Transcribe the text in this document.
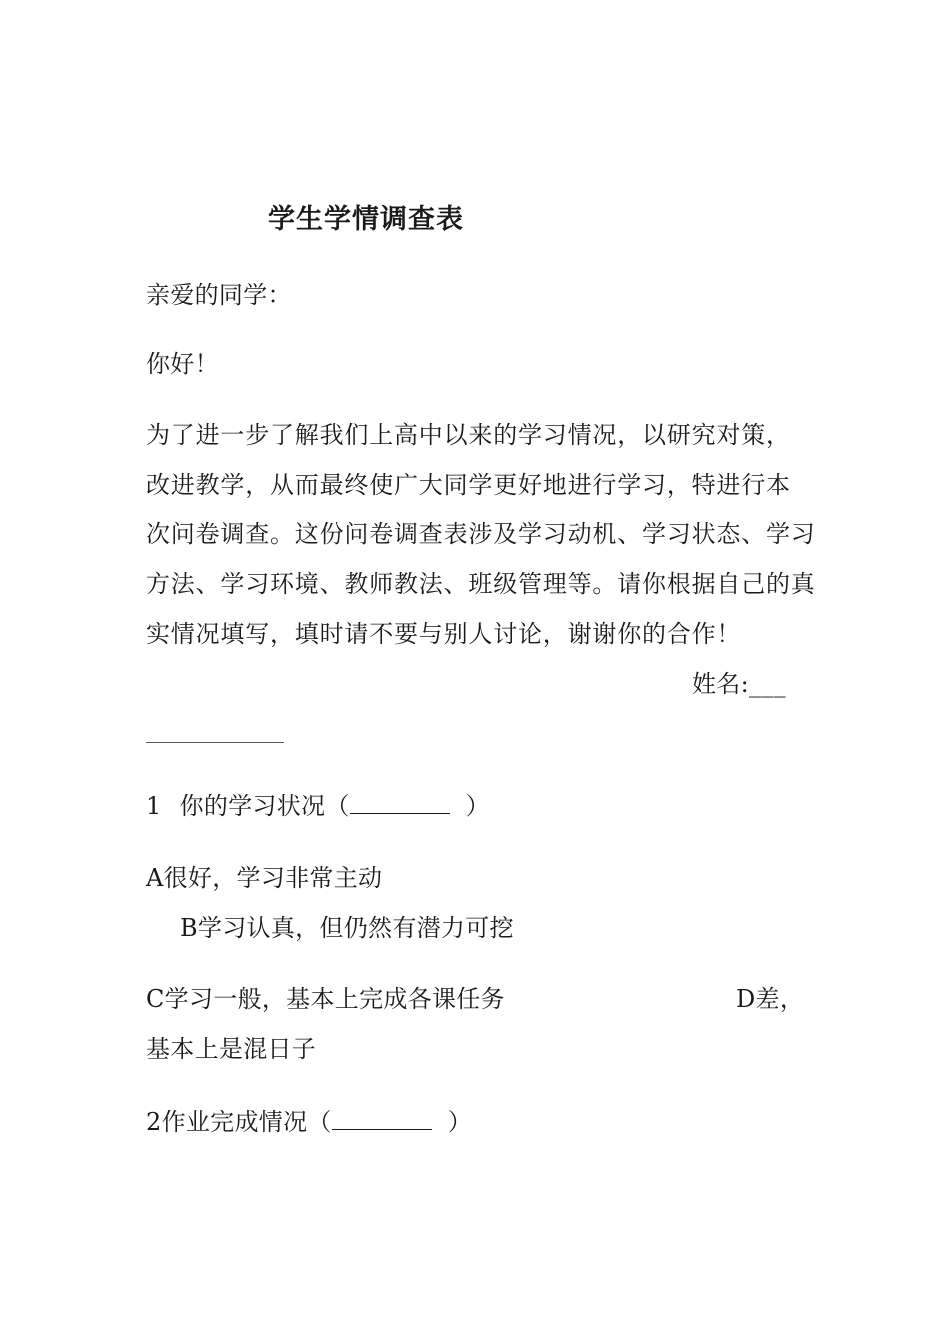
学生学情调查表
亲爱的同学：
你好！
为了进一步了解我们上高中以来的学习情况，以研究对策，
改进教学，从而最终使广大同学更好地进行学习，特进行本
次问卷调查。这份问卷调查表涉及学习动机、学习状态、学习
方法、学习环境、教师教法、班级管理等。请你根据自己的真
实情况填写，填时请不要与别人讨论，谢谢你的合作！
姓名:___
1 你的学习状况（	）
A很好，学习非常主动
B学习认真，但仍然有潜力可挖
C学习一般，基本上完成各课任务	D差，
基本上是混日子
2作业完成情况（	）
